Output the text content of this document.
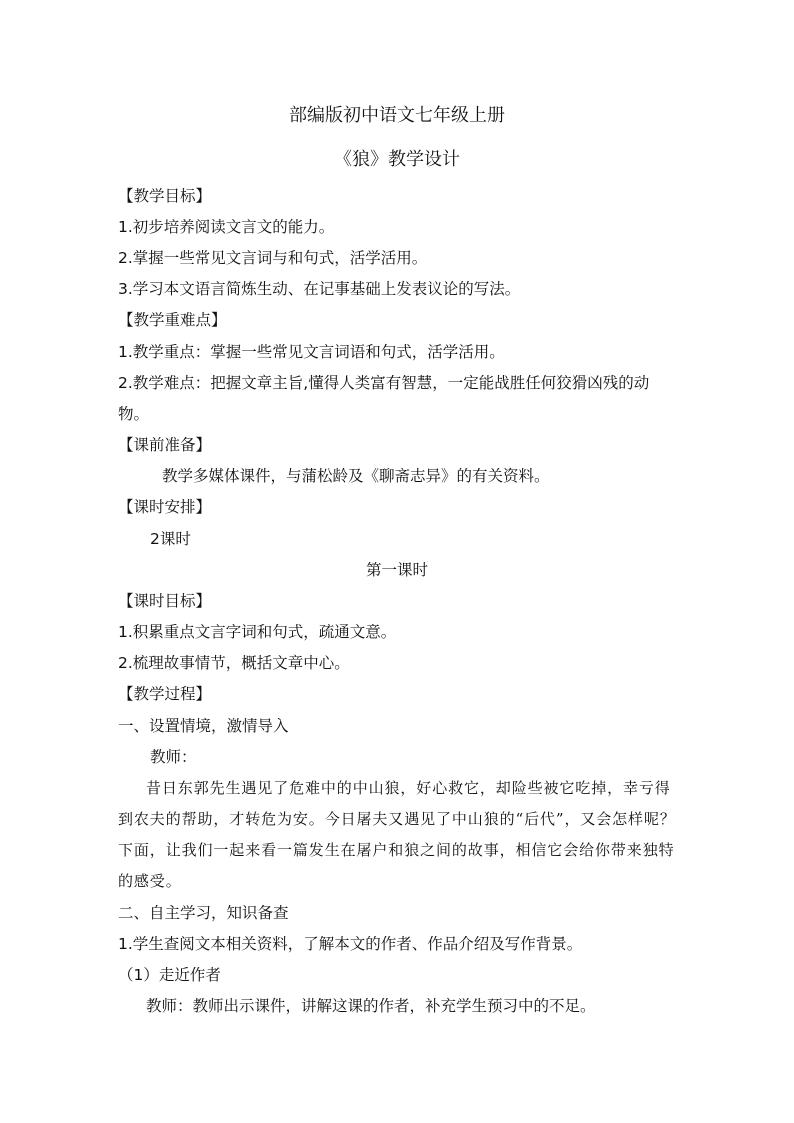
部编版初中语文七年级上册
《狼》教学设计
【教学目标】
1.初步培养阅读文言文的能力。
2.掌握一些常见文言词与和句式，活学活用。
3.学习本文语言简炼生动、在记事基础上发表议论的写法。
【教学重难点】
1.教学重点：掌握一些常见文言词语和句式，活学活用。
2.教学难点：把握文章主旨,懂得人类富有智慧，一定能战胜任何狡猾凶残的动
物。
【课前准备】
教学多媒体课件，与蒲松龄及《聊斋志异》的有关资料。
【课时安排】
2课时
第一课时
【课时目标】
1.积累重点文言字词和句式，疏通文意。
2.梳理故事情节，概括文章中心。
【教学过程】
一、设置情境，激情导入
教师：
昔日东郭先生遇见了危难中的中山狼，好心救它，却险些被它吃掉，幸亏得
到农夫的帮助，才转危为安。今日屠夫又遇见了中山狼的“后代”，又会怎样呢？
下面，让我们一起来看一篇发生在屠户和狼之间的故事，相信它会给你带来独特
的感受。
二、自主学习，知识备查
1.学生查阅文本相关资料，了解本文的作者、作品介绍及写作背景。
（1）走近作者
教师：教师出示课件，讲解这课的作者，补充学生预习中的不足。
